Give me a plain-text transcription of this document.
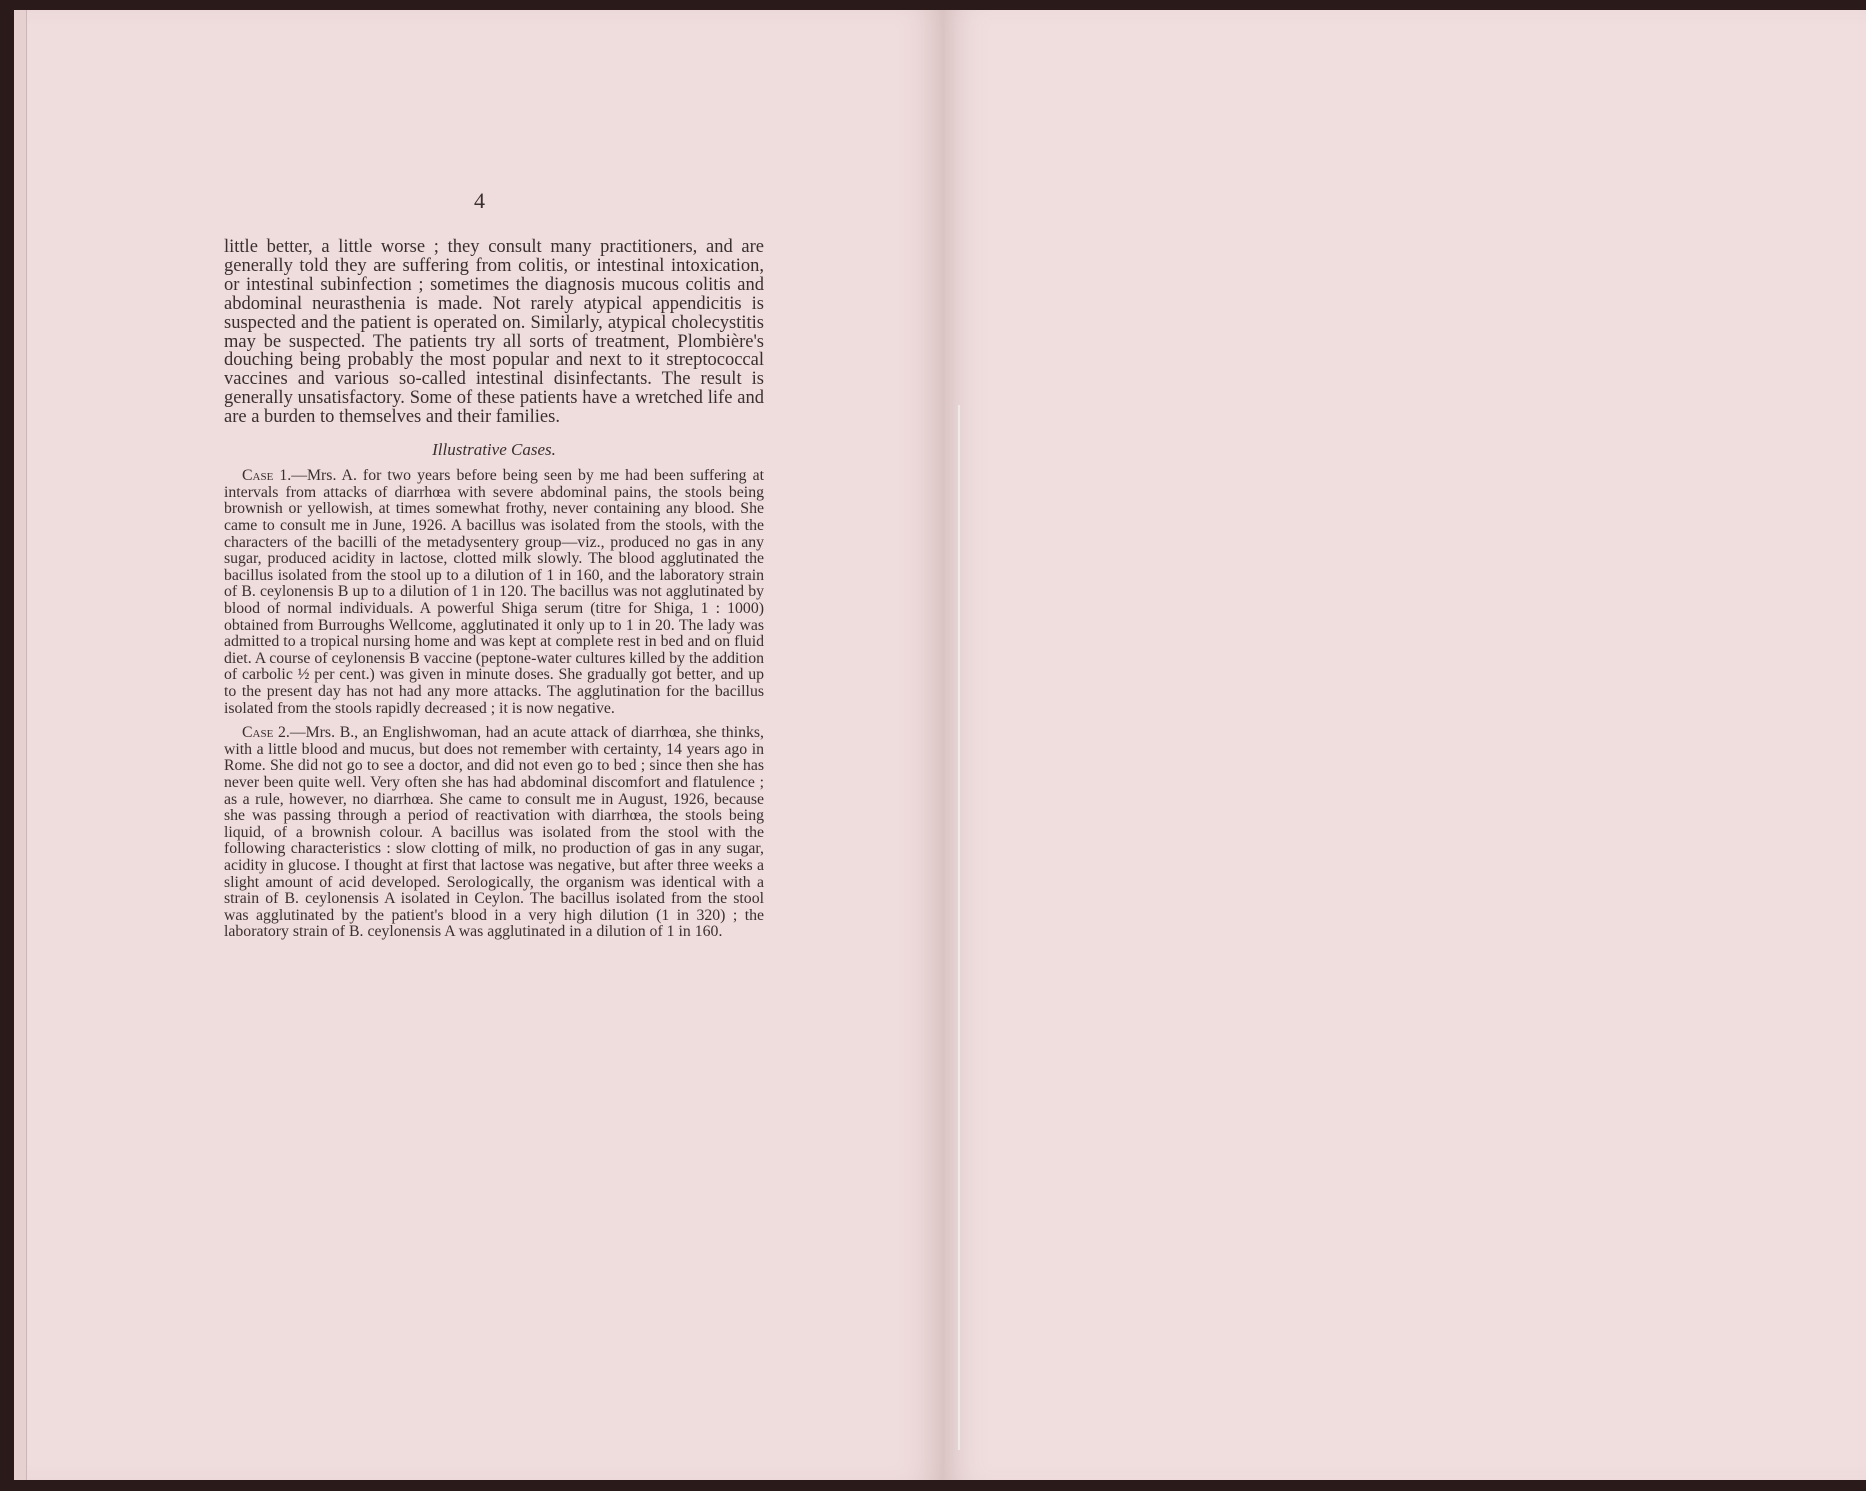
4

little better, a little worse ; they consult many practitioners, and are generally told they are suffering from colitis, or intestinal intoxication, or intestinal subinfection ; sometimes the diagnosis mucous colitis and abdominal neurasthenia is made. Not rarely atypical appendicitis is suspected and the patient is operated on. Similarly, atypical cholecystitis may be suspected. The patients try all sorts of treatment, Plombière's douching being probably the most popular and next to it streptococcal vaccines and various so-called intestinal disinfectants. The result is generally unsatisfactory. Some of these patients have a wretched life and are a burden to themselves and their families.

Illustrative Cases.

Case 1.—Mrs. A. for two years before being seen by me had been suffering at intervals from attacks of diarrhœa with severe abdominal pains, the stools being brownish or yellowish, at times somewhat frothy, never containing any blood. She came to consult me in June, 1926. A bacillus was isolated from the stools, with the characters of the bacilli of the metadysentery group—viz., produced no gas in any sugar, produced acidity in lactose, clotted milk slowly. The blood agglutinated the bacillus isolated from the stool up to a dilution of 1 in 160, and the laboratory strain of B. ceylonensis B up to a dilution of 1 in 120. The bacillus was not agglutinated by blood of normal individuals. A powerful Shiga serum (titre for Shiga, 1 : 1000) obtained from Burroughs Wellcome, agglutinated it only up to 1 in 20. The lady was admitted to a tropical nursing home and was kept at complete rest in bed and on fluid diet. A course of ceylonensis B vaccine (peptone-water cultures killed by the addition of carbolic ½ per cent.) was given in minute doses. She gradually got better, and up to the present day has not had any more attacks. The agglutination for the bacillus isolated from the stools rapidly decreased ; it is now negative.

Case 2.—Mrs. B., an Englishwoman, had an acute attack of diarrhœa, she thinks, with a little blood and mucus, but does not remember with certainty, 14 years ago in Rome. She did not go to see a doctor, and did not even go to bed ; since then she has never been quite well. Very often she has had abdominal discomfort and flatulence ; as a rule, however, no diarrhœa. She came to consult me in August, 1926, because she was passing through a period of reactivation with diarrhœa, the stools being liquid, of a brownish colour. A bacillus was isolated from the stool with the following characteristics : slow clotting of milk, no production of gas in any sugar, acidity in glucose. I thought at first that lactose was negative, but after three weeks a slight amount of acid developed. Serologically, the organism was identical with a strain of B. ceylonensis A isolated in Ceylon. The bacillus isolated from the stool was agglutinated by the patient's blood in a very high dilution (1 in 320) ; the laboratory strain of B. ceylonensis A was agglutinated in a dilution of 1 in 160.
